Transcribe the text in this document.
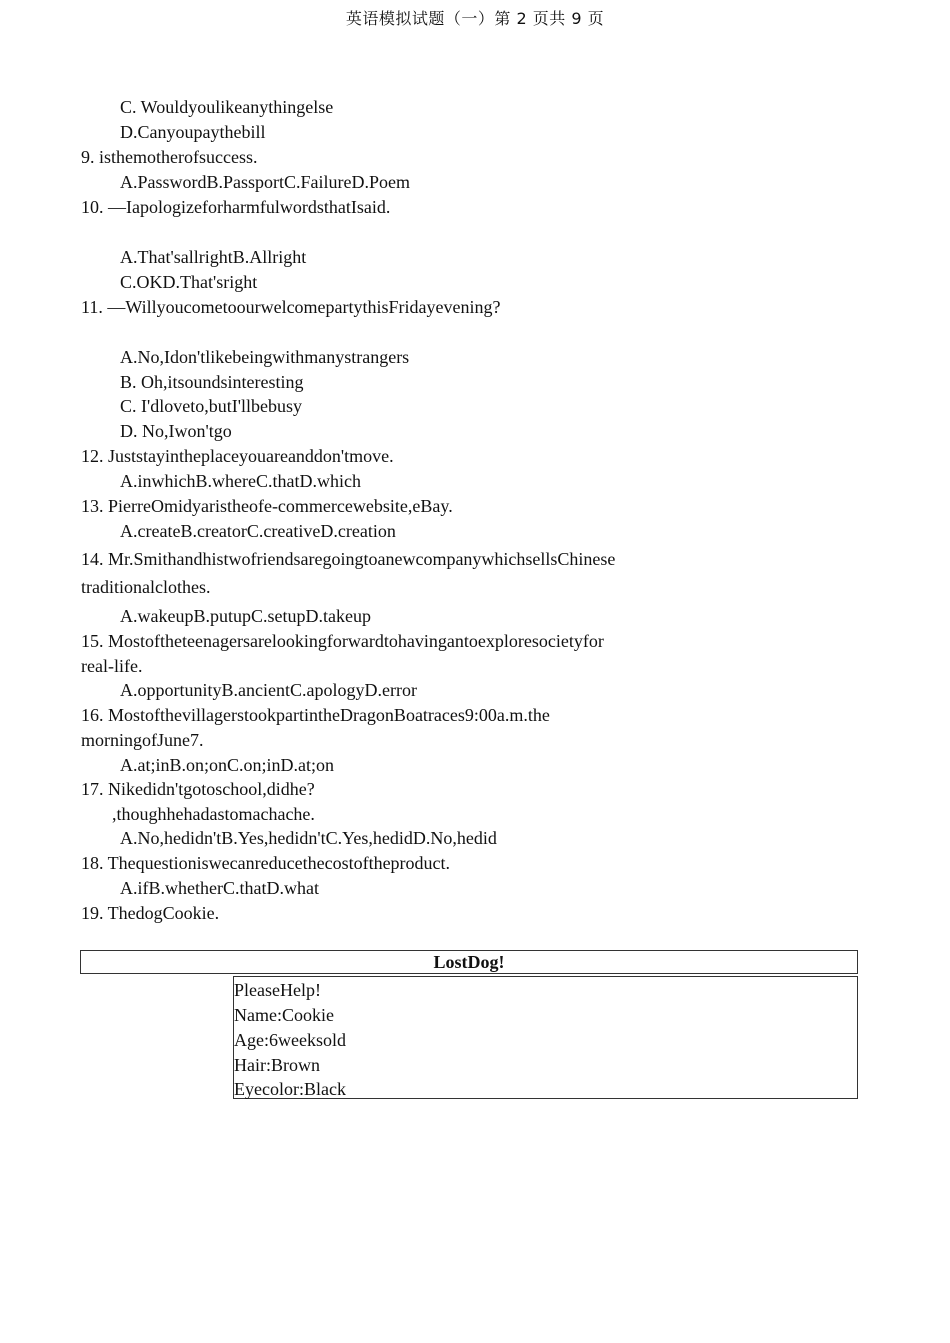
英语模拟试题（一）第 2 页共 9 页
C. Wouldyoulikeanythingelse
D.Canyoupaythebill
9. isthemotherofsuccess.
A.PasswordB.PassportC.FailureD.Poem
10. —IapologizeforharmfulwordsthatIsaid.
A.That'sallrightB.Allright
C.OKD.That'sright
11. —WillyoucometoourwelcomepartythisFridayevening?
A.No,Idon'tlikebeingwithmanystrangers
B. Oh,itsoundsinteresting
C. I'dloveto,butI'llbebusy
D. No,Iwon'tgo
12. Juststayintheplaceyouareanddon'tmove.
A.inwhichB.whereC.thatD.which
13. PierreOmidyaristheofe-commercewebsite,eBay.
A.createB.creatorC.creativeD.creation
14. Mr.SmithandhistwofriendsaregoingtoanewcompanywhichsellsChinese
traditionalclothes.
A.wakeupB.putupC.setupD.takeup
15. Mostoftheteenagersarelookingforwardtohavingantoexploresocietyfor
real-life.
A.opportunityB.ancientC.apologyD.error
16. MostofthevillagerstookpartintheDragonBoatraces9:00a.m.the
morningofJune7.
A.at;inB.on;onC.on;inD.at;on
17. Nikedidn'tgotoschool,didhe?
,thoughhehadastomachache.
A.No,hedidn'tB.Yes,hedidn'tC.Yes,hedidD.No,hedid
18. Thequestioniswecanreducethecostoftheproduct.
A.ifB.whetherC.thatD.what
19. ThedogCookie.
LostDog!
PleaseHelp!
Name:Cookie
Age:6weeksold
Hair:Brown
Eyecolor:Black
